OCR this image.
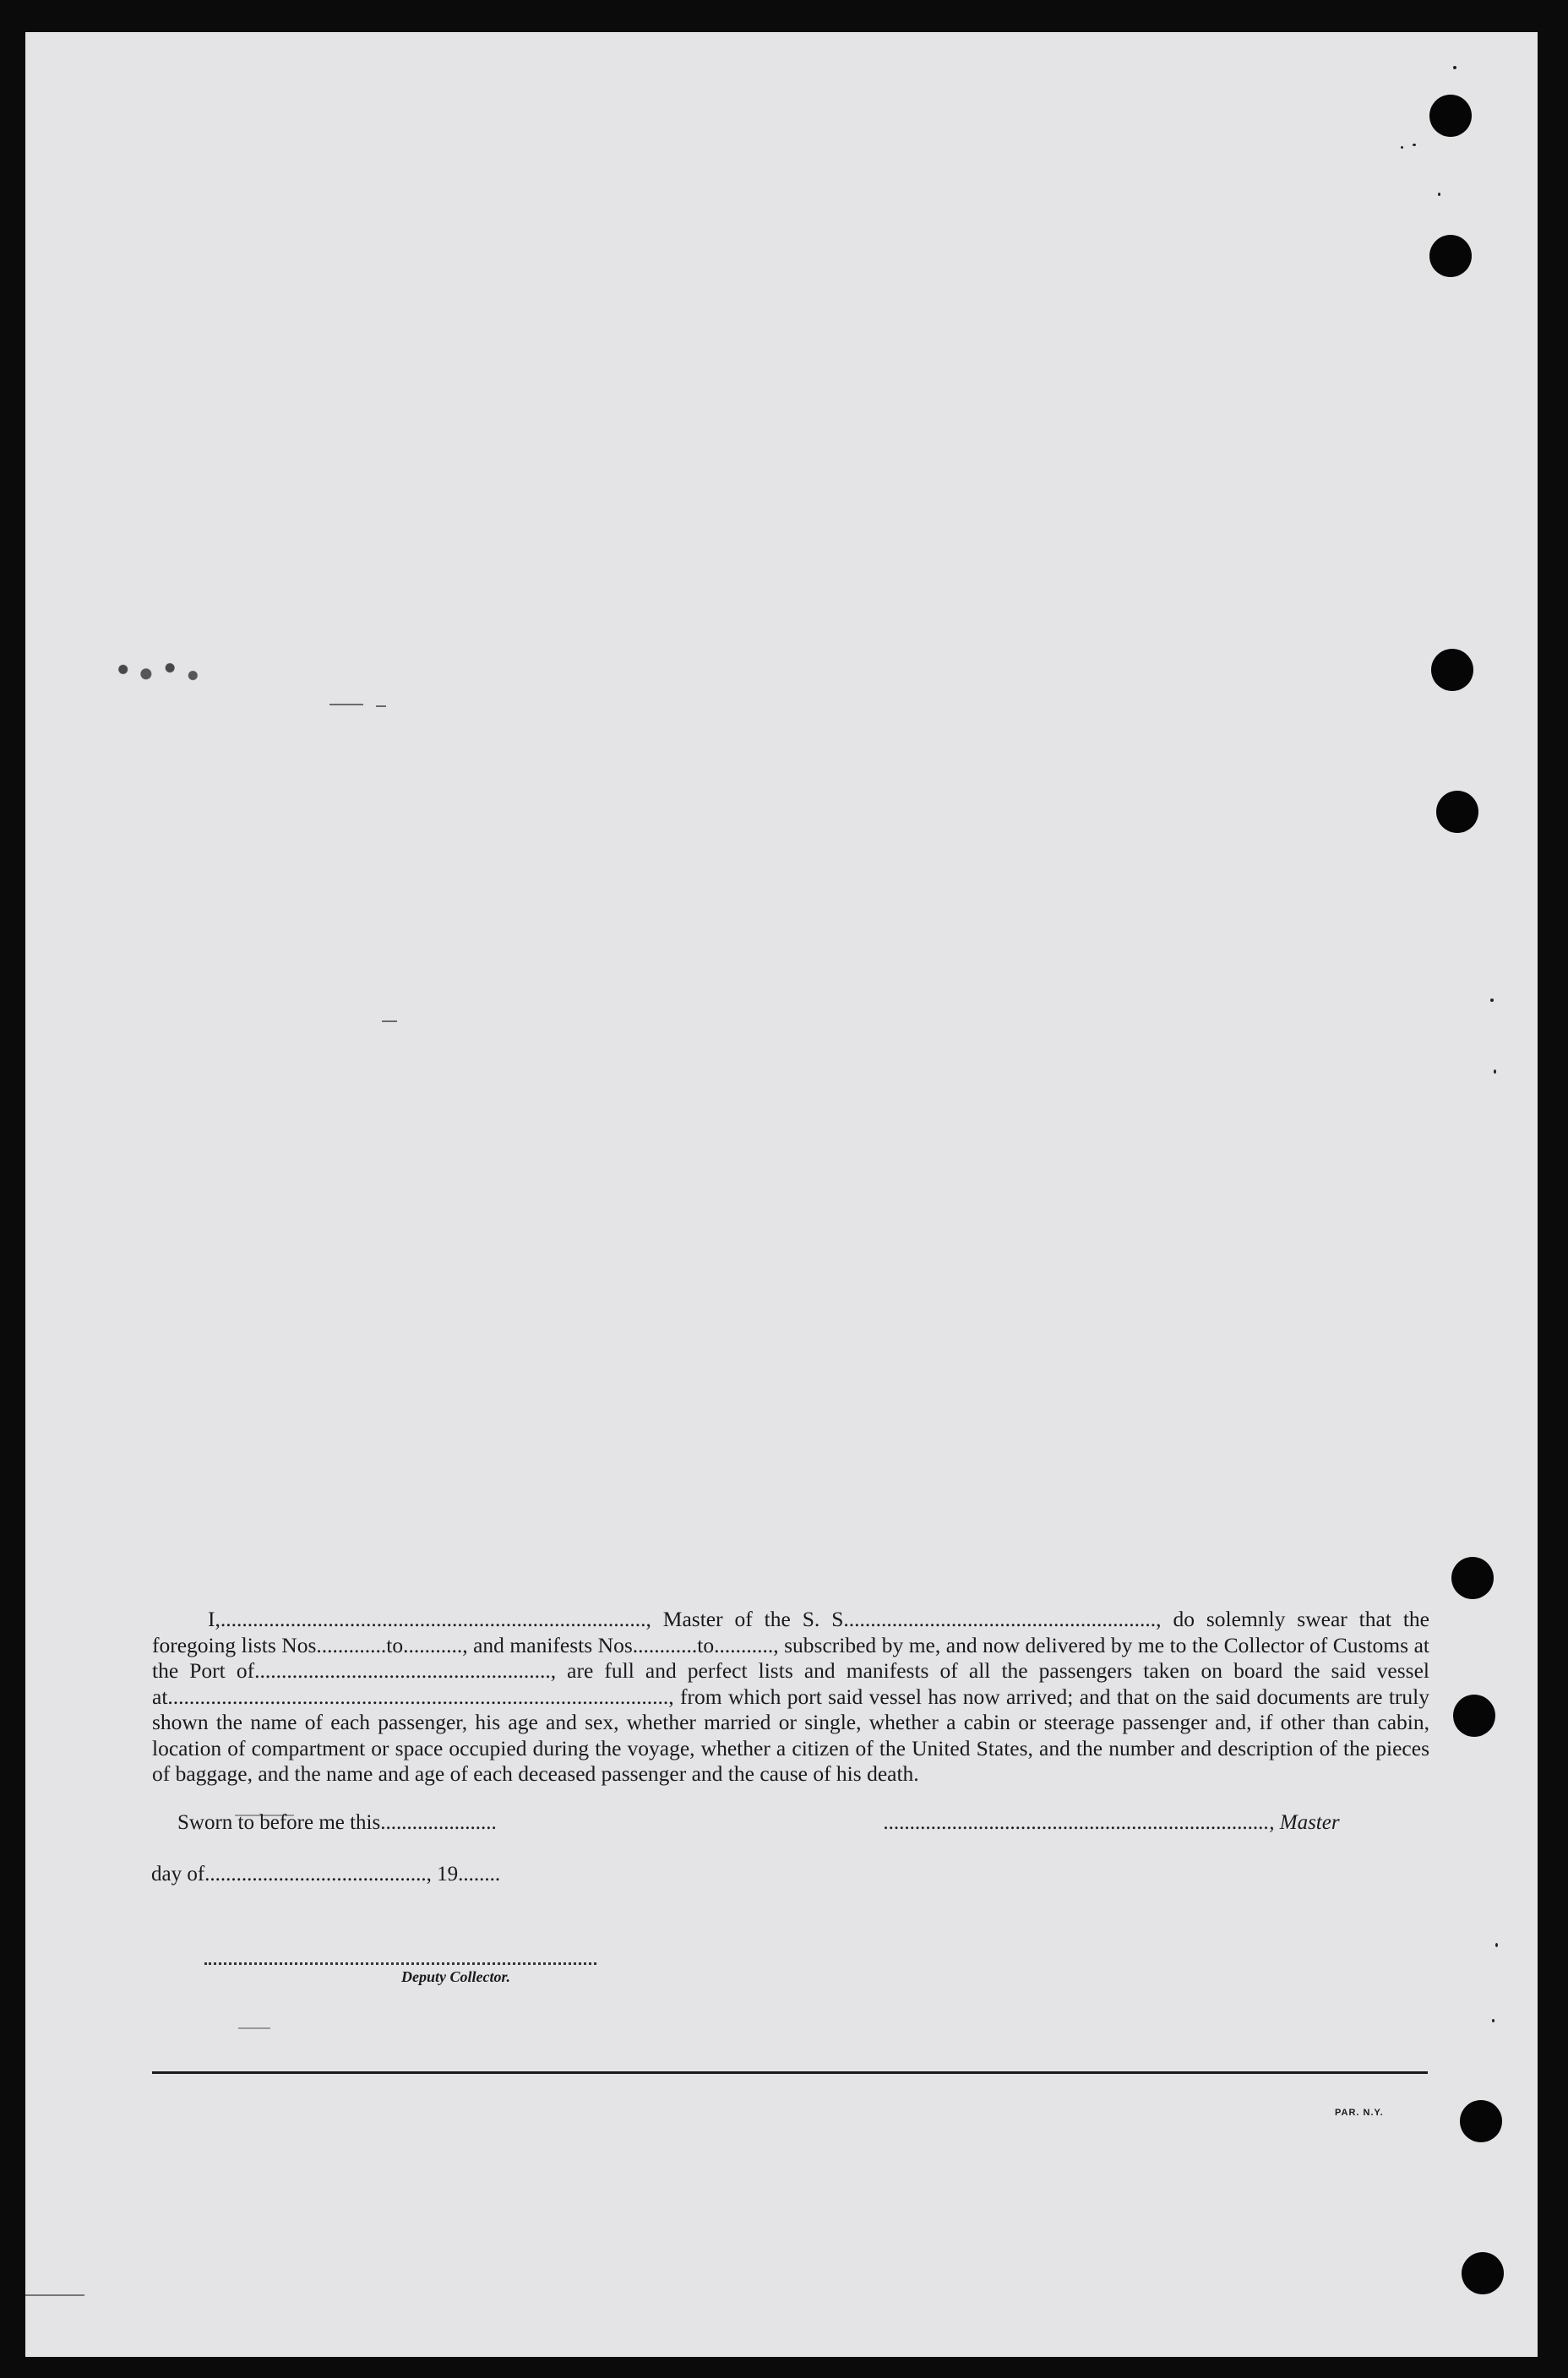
I,..............................................................................., Master of the S. S.........................................................., do solemnly swear that the foregoing lists Nos.............to..........., and manifests Nos............to..........., subscribed by me, and now delivered by me to the Collector of Customs at the Port of......................................................., are full and perfect lists and manifests of all the passengers taken on board the said vessel at............................................................................................., from which port said vessel has now arrived; and that on the said documents are truly shown the name of each passenger, his age and sex, whether married or single, whether a cabin or steerage passenger and, if other than cabin, location of compartment or space occupied during the voyage, whether a citizen of the United States, and the number and description of the pieces of baggage, and the name and age of each deceased passenger and the cause of his death.

Sworn to before me this......................	........................................................................., Master
day of.........................................., 19........
Deputy Collector.
PAR. N.Y.
